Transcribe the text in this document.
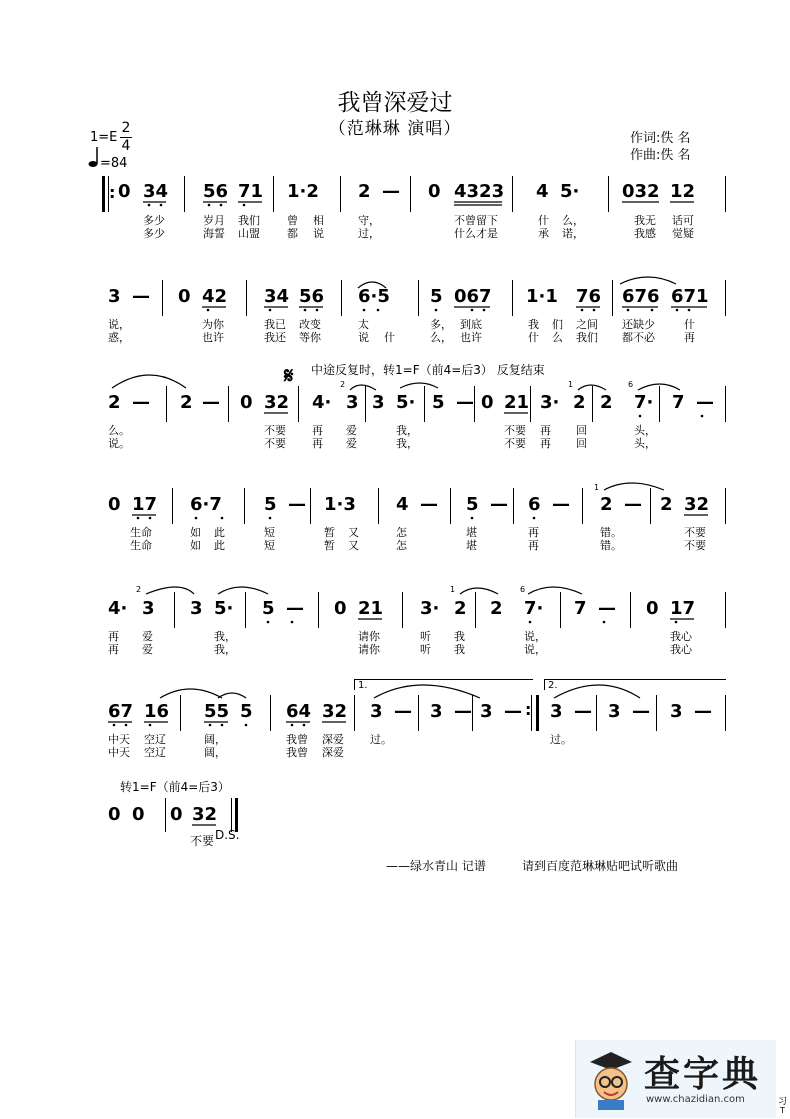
我曾深爱过
（范琳琳 演唱）
1=E
2
4
=84
作词:佚 名
作曲:佚 名
: 0 34 56 71 1·2 2 — 0 4323 4 5· 032 12
多少	岁月 我们 曾 相	守，	不曾留下	什 么，	我无 话可
多少	海誓 山盟 都 说	过，	什么才是	承 诺，	我感 觉疑
3 — 0 42 34 56 6·5 5 067 1·1 76 676 671
说，	为你	我已 改变	太	多， 到底	我 们 之间 还缺少	什
惑，	也许	我还 等你	说 什	么， 也许	什 么 我们 都不必	再
中途反复时，转1=F（前4=后3） 反复结束
𝄋
2 — 2 — 0 32 4· 3 3 5· 5 — 0 21 3· 2 2 7· 7 —
么。	不要 再 爱	我，	不要 再 回	头，
说。	不要 再 爱	我，	不要 再 回	头，
0 17 6·7 5 — 1·3 4 — 5 — 6 — 2 — 2 32
生命	如 此	短	暂 又	怎	堪	再	错。	不要
生命	如 此	短	暂 又	怎	堪	再	错。	不要
4· 3 3 5· 5 — 0 21 3· 2 2 7· 7 — 0 17
再 爱	我，	请你	听 我	说，	我心
再 爱	我，	请你	听 我	说，	我心
67 16 55 5 64 32 3 — 3 — 3 — : 3 — 3 — 3 —
中天 空辽	阔，	我曾 深爱 过。	过。
中天 空辽	阔，	我曾 深爱
1.	2.
转1=F（前4=后3）
0 0 0 32
不要 D.S.
——绿水青山 记谱	请到百度范琳琳贴吧试听歌曲
2	1	6
2	1	6
1
查字典
www.chazidian.com	习
T
